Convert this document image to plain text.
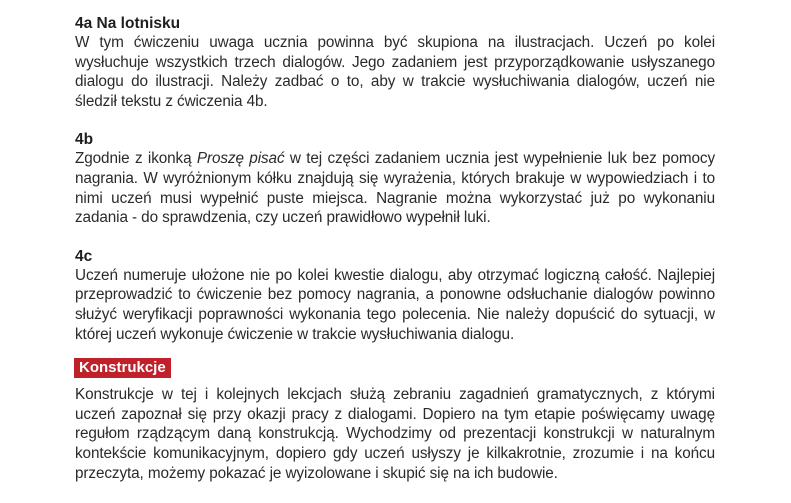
4a Na lotnisku

W tym ćwiczeniu uwaga ucznia powinna być skupiona na ilustracjach. Uczeń po kolei wysłuchuje wszystkich trzech dialogów. Jego zadaniem jest przyporządkowanie usłyszanego dialogu do ilustracji. Należy zadbać o to, aby w trakcie wysłuchiwania dialogów, uczeń nie śledził tekstu z ćwiczenia 4b.

4b

Zgodnie z ikonką Proszę pisać w tej części zadaniem ucznia jest wypełnienie luk bez pomocy nagrania. W wyróżnionym kółku znajdują się wyrażenia, których brakuje w wypowiedziach i to nimi uczeń musi wypełnić puste miejsca. Nagranie można wykorzystać już po wykonaniu zadania - do sprawdzenia, czy uczeń prawidłowo wypełnił luki.

4c

Uczeń numeruje ułożone nie po kolei kwestie dialogu, aby otrzymać logiczną całość. Najlepiej przeprowadzić to ćwiczenie bez pomocy nagrania, a ponowne odsłuchanie dialogów powinno służyć weryfikacji poprawności wykonania tego polecenia. Nie należy dopuścić do sytuacji, w której uczeń wykonuje ćwiczenie w trakcie wysłuchiwania dialogu.

Konstrukcje

Konstrukcje w tej i kolejnych lekcjach służą zebraniu zagadnień gramatycznych, z którymi uczeń zapoznał się przy okazji pracy z dialogami. Dopiero na tym etapie poświęcamy uwagę regułom rządzącym daną konstrukcją. Wychodzimy od prezentacji konstrukcji w naturalnym kontekście komunikacyjnym, dopiero gdy uczeń usłyszy je kilkakrotnie, zrozumie i na końcu przeczyta, możemy pokazać je wyizolowane i skupić się na ich budowie.
